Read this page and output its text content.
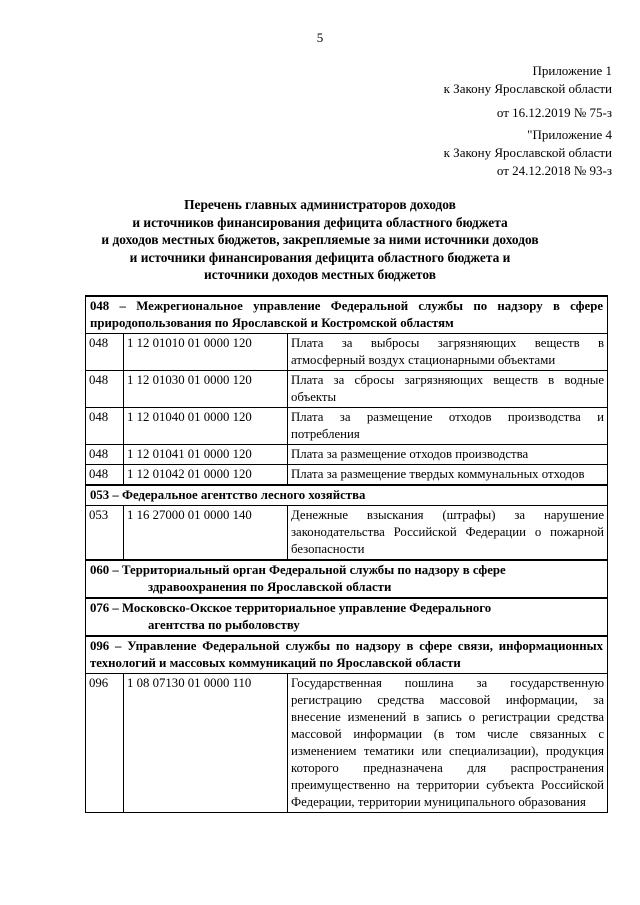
5
Приложение 1
к Закону Ярославской области
от 16.12.2019 № 75-з
"Приложение 4
к Закону Ярославской области
от 24.12.2018 № 93-з
Перечень главных администраторов доходов
и источников финансирования дефицита областного бюджета
и доходов местных бюджетов, закрепляемые за ними источники доходов
и источники финансирования дефицита областного бюджета и
источники доходов местных бюджетов
048 – Межрегиональное управление Федеральной службы по надзору в сфере природопользования по Ярославской и Костромской областям		
048	1 12 01010 01 0000 120	Плата за выбросы загрязняющих веществ в атмосферный воздух стационарными объектами
048	1 12 01030 01 0000 120	Плата за сбросы загрязняющих веществ в водные объекты
048	1 12 01040 01 0000 120	Плата за размещение отходов производства и потребления
048	1 12 01041 01 0000 120	Плата за размещение отходов производства
048	1 12 01042 01 0000 120	Плата за размещение твердых коммунальных отходов
053 – Федеральное агентство лесного хозяйства		
053	1 16 27000 01 0000 140	Денежные взыскания (штрафы) за нарушение законодательства Российской Федерации о пожарной безопасности

060 – Территориальный орган Федеральной службы по надзору в сфере
здравоохранения по Ярославской области		

076 – Московско-Окское территориальное управление Федерального
агентства по рыболовству		

096 – Управление Федеральной службы по надзору в сфере связи, информационных технологий и массовых коммуникаций по Ярославской области		
096	1 08 07130 01 0000 110	Государственная пошлина за государственную регистрацию средства массовой информации, за внесение изменений в запись о регистрации средства массовой информации (в том числе связанных с изменением тематики или специализации), продукция которого предназначена для распространения преимущественно на территории субъекта Российской Федерации, территории муниципального образования
